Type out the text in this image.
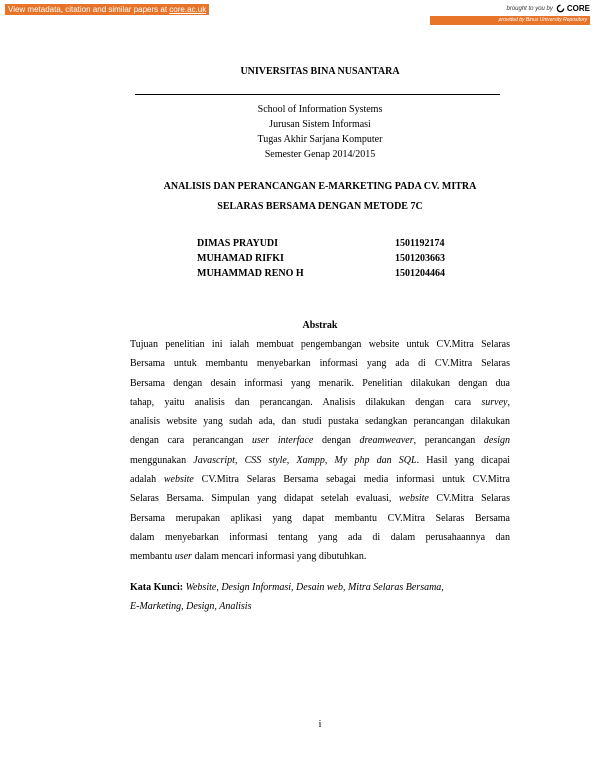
View metadata, citation and similar papers at core.ac.uk	brought to you by CORE
provided by Binus University Repository
UNIVERSITAS BINA NUSANTARA
School of Information Systems
Jurusan Sistem Informasi
Tugas Akhir Sarjana Komputer
Semester Genap 2014/2015
ANALISIS DAN PERANCANGAN E-MARKETING PADA CV. MITRA
SELARAS BERSAMA DENGAN METODE 7C
DIMAS PRAYUDI	1501192174
MUHAMAD RIFKI	1501203663
MUHAMMAD RENO H	1501204464
Abstrak
Tujuan penelitian ini ialah membuat pengembangan website untuk CV.Mitra Selaras
Bersama untuk membantu menyebarkan informasi yang ada di CV.Mitra Selaras
Bersama dengan desain informasi yang menarik. Penelitian dilakukan dengan dua
tahap, yaitu analisis dan perancangan. Analisis dilakukan dengan cara survey,
analisis website yang sudah ada, dan studi pustaka sedangkan perancangan dilakukan
dengan cara perancangan user interface dengan dreamweaver, perancangan design
menggunakan Javascript, CSS style, Xampp, My php dan SQL. Hasil yang dicapai
adalah website CV.Mitra Selaras Bersama sebagai media informasi untuk CV.Mitra
Selaras Bersama. Simpulan yang didapat setelah evaluasi, website CV.Mitra Selaras
Bersama merupakan aplikasi yang dapat membantu CV.Mitra Selaras Bersama
dalam menyebarkan informasi tentang yang ada di dalam perusahaannya dan
membantu user dalam mencari informasi yang dibutuhkan.
Kata Kunci: Website, Design Informasi, Desain web, Mitra Selaras Bersama,
E-Marketing, Design, Analisis
i
